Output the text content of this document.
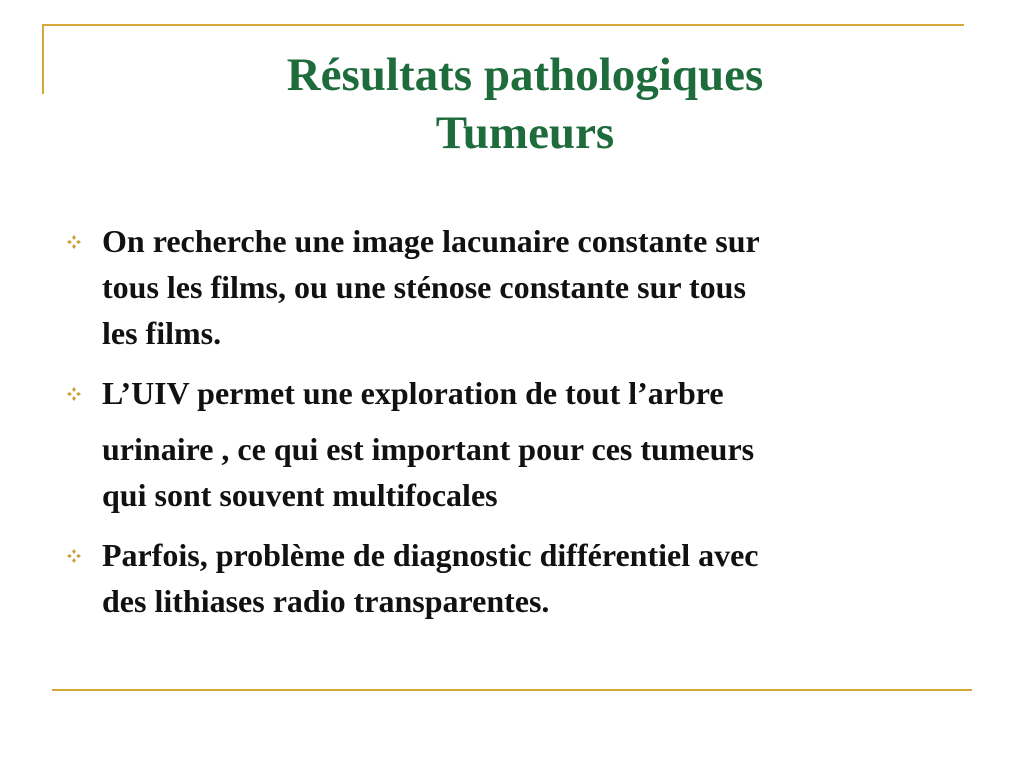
Résultats pathologiques
Tumeurs
On recherche une image lacunaire constante sur
tous les films, ou une sténose constante sur tous
les films.
L’UIV permet une exploration de tout l’arbre
urinaire , ce qui est important pour ces tumeurs
qui sont souvent multifocales
Parfois, problème de diagnostic différentiel avec
des lithiases radio transparentes.
